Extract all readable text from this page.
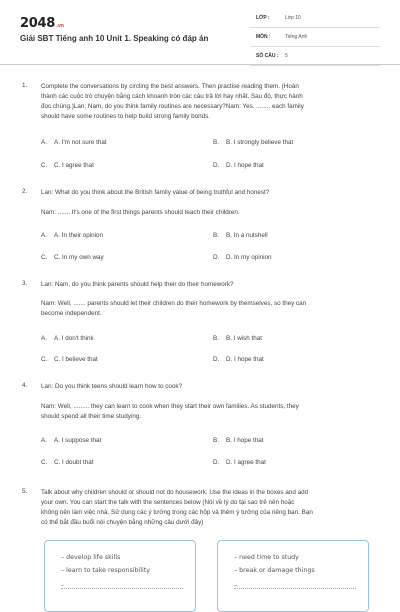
2048.vn
Giải SBT Tiếng anh 10 Unit 1. Speaking có đáp án
LỚP :	Lớp 10
MÔN :	Tiếng Anh
SỐ CÂU : 5
1. Complete the conversations by circling the best answers. Then practise reading them. (Hoàn
thành các cuộc trò chuyện bằng cách khoanh tròn các câu trả lời hay nhất. Sau đó, thực hành
đọc chúng.)Lan: Nam, do you think family routines are necessary?Nam: Yes. ........ each family
should have some routines to help build strong family bonds.
A. A. I'm not sure that	B. B. I strongly believe that
C. C. I agree that	D. D. I hope that
2. Lan: What do you think about the British family value of being truthful and honest?
Nam: ....... It's one of the first things parents should teach their children.
A. A. In their opinion	B. B. In a nutshell
C. C. In my own way	D. D. In my opinion
3. Lan: Nam, do you think parents should help their do their homework?
Nam: Well, ....... parents should let their children do their homework by themselves, so they can
become independent.
A. A. I don't think	B. B. I wish that
C. C. I believe that	D. D. I hope that
4. Lan: Do you think teens should learn how to cook?
Nam: Well, ......... they can learn to cook when they start their own families. As students, they
should spend all their time studying.
A. A. I suppose that	B. B. I hope that
C. C. I doubt that	D. D. I agree that
5. Talk about why children should or should not do housework. Use the ideas in the boxes and add
your own. You can start the talk with the sentences below (Nói về lý do tại sao trẻ nên hoặc
không nên làm việc nhà. Sử dụng các ý tưởng trong các hộp và thêm ý tưởng của riêng bạn. Bạn
có thể bắt đầu buổi nói chuyện bằng những câu dưới đây)
– develop life skills
– learn to take responsibility
–
– need time to study
– break or damage things
–
